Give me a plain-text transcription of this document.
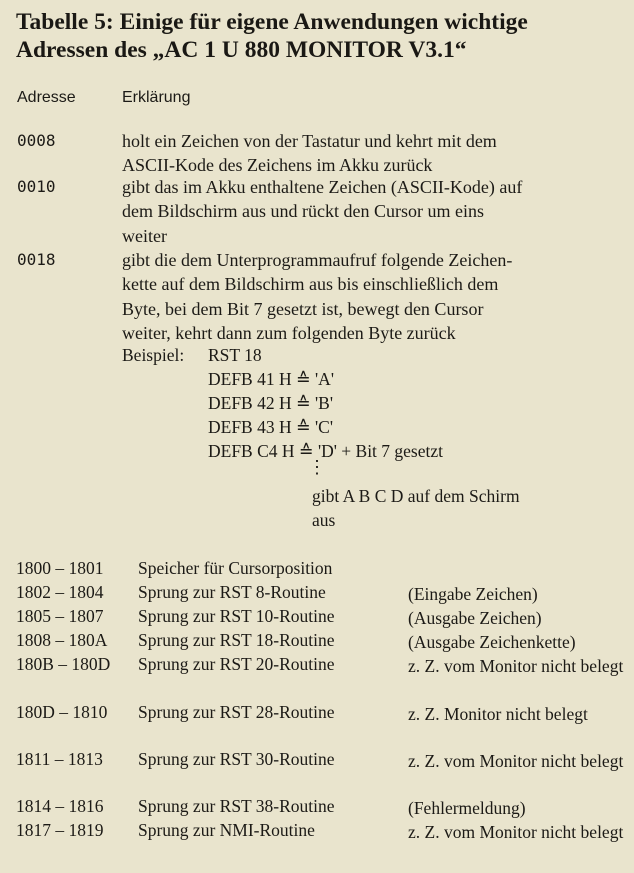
Tabelle 5: Einige für eigene Anwendungen wichtige
Adressen des „AC 1 U 880 MONITOR V3.1“
Adresse	Erklärung
0008	holt ein Zeichen von der Tastatur und kehrt mit dem
ASCII-Kode des Zeichens im Akku zurück
0010	gibt das im Akku enthaltene Zeichen (ASCII-Kode) auf
dem Bildschirm aus und rückt den Cursor um eins
weiter
0018	gibt die dem Unterprogrammaufruf folgende Zeichen-
kette auf dem Bildschirm aus bis einschließlich dem
Byte, bei dem Bit 7 gesetzt ist, bewegt den Cursor
weiter, kehrt dann zum folgenden Byte zurück
Beispiel: RST 18
DEFB 41 H ≙ 'A'
DEFB 42 H ≙ 'B'
DEFB 43 H ≙ 'C'
DEFB C4 H ≙ 'D' + Bit 7 gesetzt
⋮
gibt A B C D auf dem Schirm
aus
1800 – 1801 Speicher für Cursorposition
1802 – 1804 Sprung zur RST 8-Routine	(Eingabe Zeichen)
1805 – 1807 Sprung zur RST 10-Routine	(Ausgabe Zeichen)
1808 – 180A Sprung zur RST 18-Routine	(Ausgabe Zeichenkette)
180B – 180D Sprung zur RST 20-Routine	z. Z. vom Monitor nicht belegt
180D – 1810 Sprung zur RST 28-Routine	z. Z. Monitor nicht belegt
1811 – 1813 Sprung zur RST 30-Routine	z. Z. vom Monitor nicht belegt
1814 – 1816 Sprung zur RST 38-Routine	(Fehlermeldung)
1817 – 1819 Sprung zur NMI-Routine	z. Z. vom Monitor nicht belegt
